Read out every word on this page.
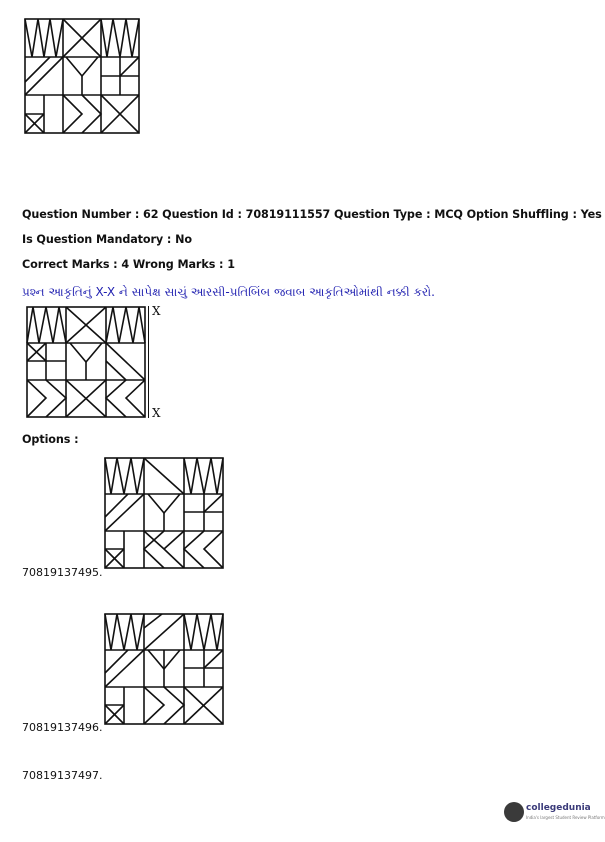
Question Number : 62 Question Id : 70819111557 Question Type : MCQ Option Shuffling : Yes
Is Question Mandatory : No
Correct Marks : 4 Wrong Marks : 1
પ્રશ્ન આકૃતિનું X-X ને સાપેક્ષ સાચું આરસી-પ્રતિબિંબ જવાબ આકૃતિઓમાંથી નક્કી કરો.
X
X
Options :
70819137495.
70819137496.
70819137497.
collegedunia
India's largest Student Review Platform
